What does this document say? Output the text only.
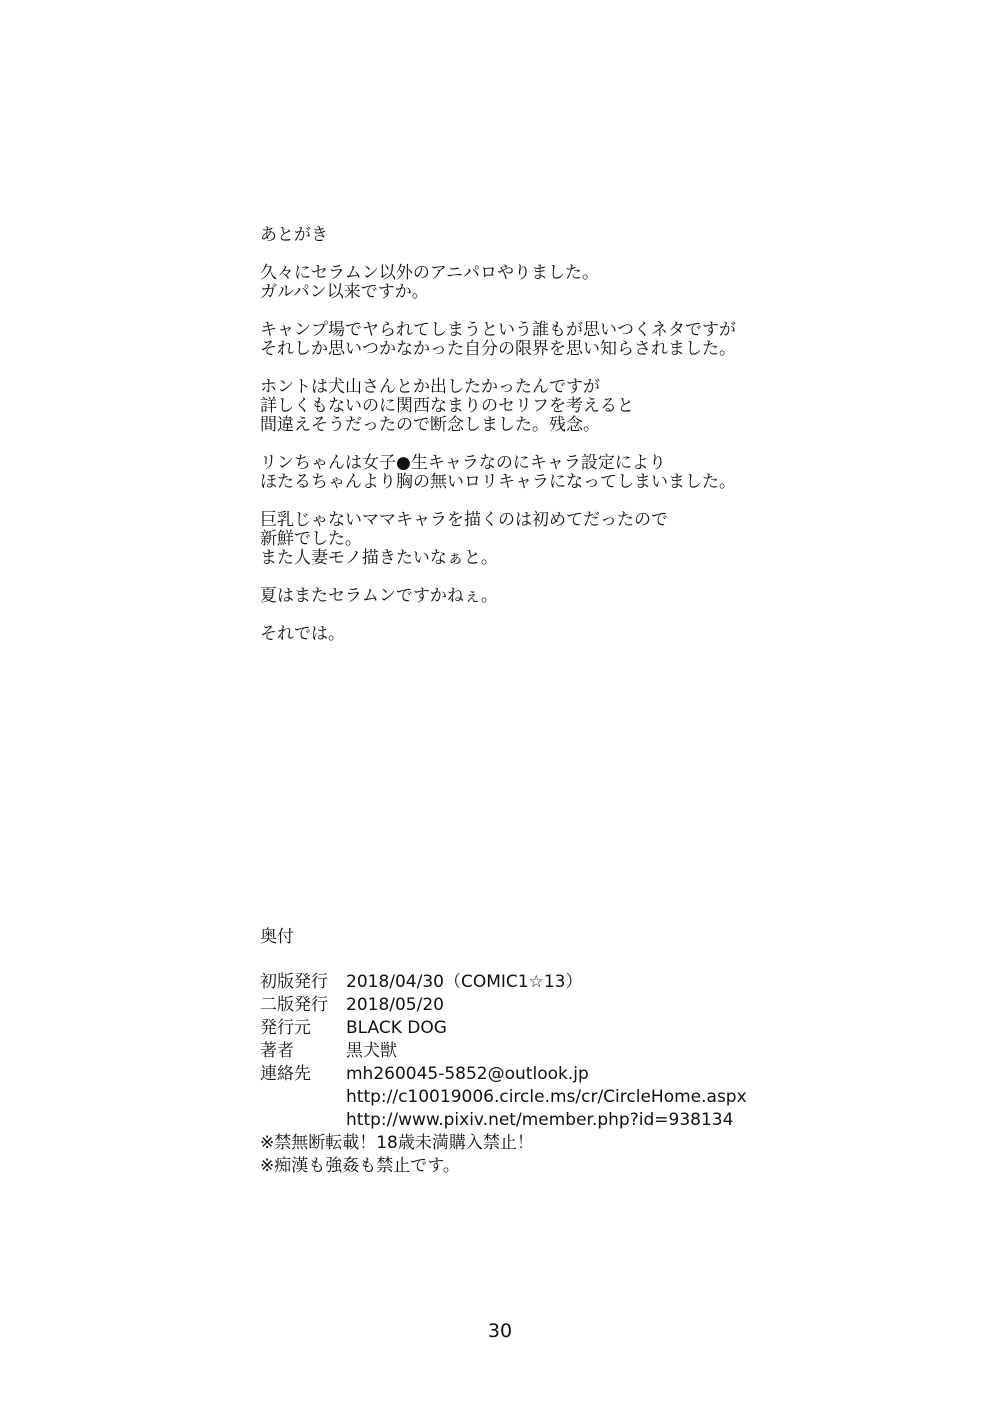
あとがき
久々にセラムン以外のアニパロやりました。
ガルパン以来ですか。
キャンプ場でヤられてしまうという誰もが思いつくネタですが
それしか思いつかなかった自分の限界を思い知らされました。
ホントは犬山さんとか出したかったんですが
詳しくもないのに関西なまりのセリフを考えると
間違えそうだったので断念しました。残念。
リンちゃんは女子●生キャラなのにキャラ設定により
ほたるちゃんより胸の無いロリキャラになってしまいました。
巨乳じゃないママキャラを描くのは初めてだったので
新鮮でした。
また人妻モノ描きたいなぁと。
夏はまたセラムンですかねぇ。
それでは。
奥付
初版発行	2018/04/30（COMIC1☆13）
二版発行	2018/05/20
発行元	BLACK DOG
著者	黒犬獣
連絡先	mh260045-5852@outlook.jp
http://c10019006.circle.ms/cr/CircleHome.aspx
http://www.pixiv.net/member.php?id=938134
※禁無断転載！18歳未満購入禁止！
※痴漢も強姦も禁止です。
30
